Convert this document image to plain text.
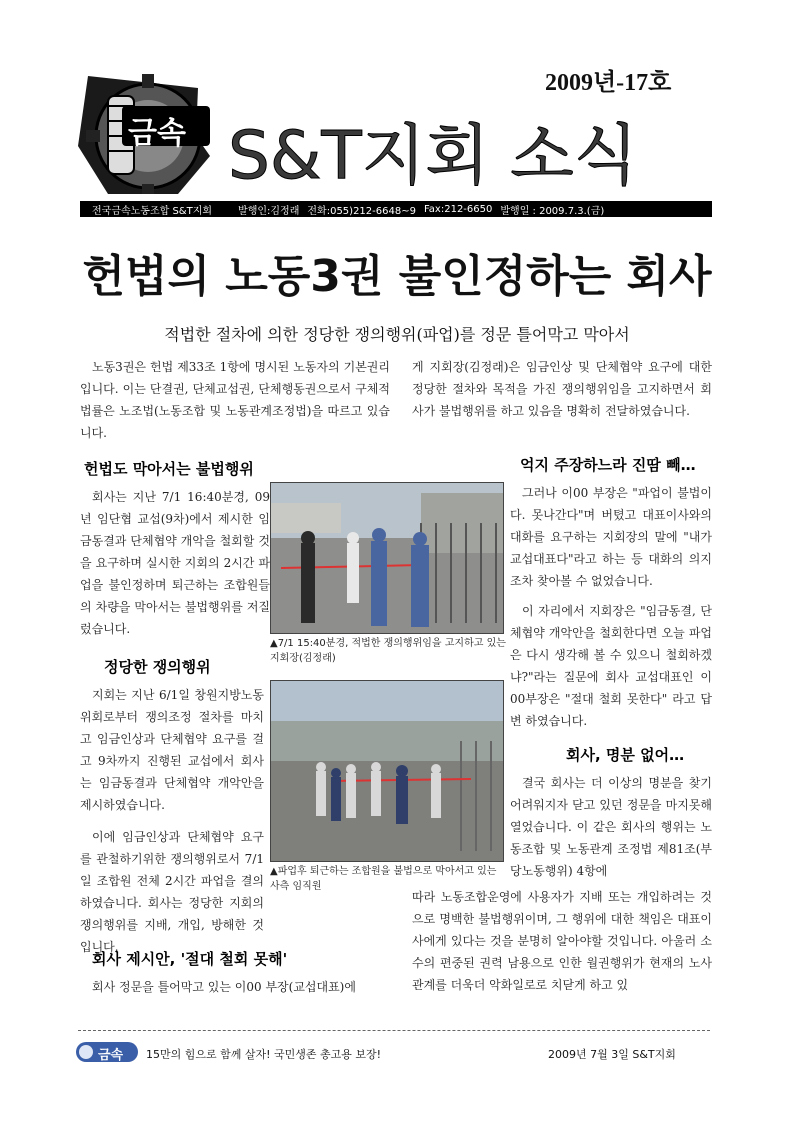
금속
2009년-17호
S&T지회 소식
전국금속노동조합 S&T지회	발행인:김정래 전화:055)212-6648~9 Fax:212-6650 발행일 : 2009.7.3.(금)
헌법의 노동3권 불인정하는 회사
적법한 절차에 의한 정당한 쟁의행위(파업)를 정문 틀어막고 막아서

노동3권은 헌법 제33조 1항에 명시된 노동자의 기본권리입니다. 이는 단결권, 단체교섭권, 단체행동권으로서 구체적 법률은 노조법(노동조합 및 노동관계조정법)을 따르고 있습니다.

헌법도 막아서는 불법행위

회사는 지난 7/1 16:40분경, 09년 임단협 교섭(9차)에서 제시한 임금동결과 단체협약 개악을 철회할 것을 요구하며 실시한 지회의 2시간 파업을 불인정하며 퇴근하는 조합원들의 차량을 막아서는 불법행위를 저질렀습니다.

정당한 쟁의행위

지회는 지난 6/1일 창원지방노동위회로부터 쟁의조정 절차를 마치고 임금인상과 단체협약 요구를 걸고 9차까지 진행된 교섭에서 회사는 임금동결과 단체협약 개악안을 제시하였습니다.

이에 임금인상과 단체협약 요구를 관철하기위한 쟁의행위로서 7/1일 조합원 전체 2시간 파업을 결의하였습니다. 회사는 정당한 지회의 쟁의행위를 지배, 개입, 방해한 것입니다.

회사 제시안, '절대 철회 못해'

회사 정문을 틀어막고 있는 이00 부장(교섭대표)에

▲7/1 15:40분경, 적법한 쟁의행위임을 고지하고 있는 지회장(김정래)
▲파업후 퇴근하는 조합원을 불법으로 막아서고 있는 사측 임직원

게 지회장(김정래)은 임금인상 및 단체협약 요구에 대한 정당한 절차와 목적을 가진 쟁의행위임을 고지하면서 회사가 불법행위를 하고 있음을 명확히 전달하였습니다.

억지 주장하느라 진땀 빼…

그러나 이00 부장은 "파업이 불법이다. 못나간다"며 버텼고 대표이사와의 대화를 요구하는 지회장의 말에 "내가 교섭대표다"라고 하는 등 대화의 의지조차 찾아볼 수 없었습니다.

이 자리에서 지회장은 "임금동결, 단체협약 개악안을 철회한다면 오늘 파업은 다시 생각해 볼 수 있으니 철회하겠냐?"라는 질문에 회사 교섭대표인 이00부장은 "절대 철회 못한다" 라고 답변 하였습니다.

회사, 명분 없어…

결국 회사는 더 이상의 명분을 찾기 어려워지자 닫고 있던 정문을 마지못해 열었습니다. 이 같은 회사의 행위는 노동조합 및 노동관계 조정법 제81조(부당노동행위) 4항에

따라 노동조합운영에 사용자가 지배 또는 개입하려는 것으로 명백한 불법행위이며, 그 행위에 대한 책임은 대표이사에게 있다는 것을 분명히 알아야할 것입니다. 아울러 소수의 편중된 권력 남용으로 인한 월권행위가 현재의 노사관계를 더욱더 악화일로로 치닫게 하고 있

금속 15만의 힘으로 함께 살자! 국민생존 총고용 보장!	2009년 7월 3일 S&T지회
